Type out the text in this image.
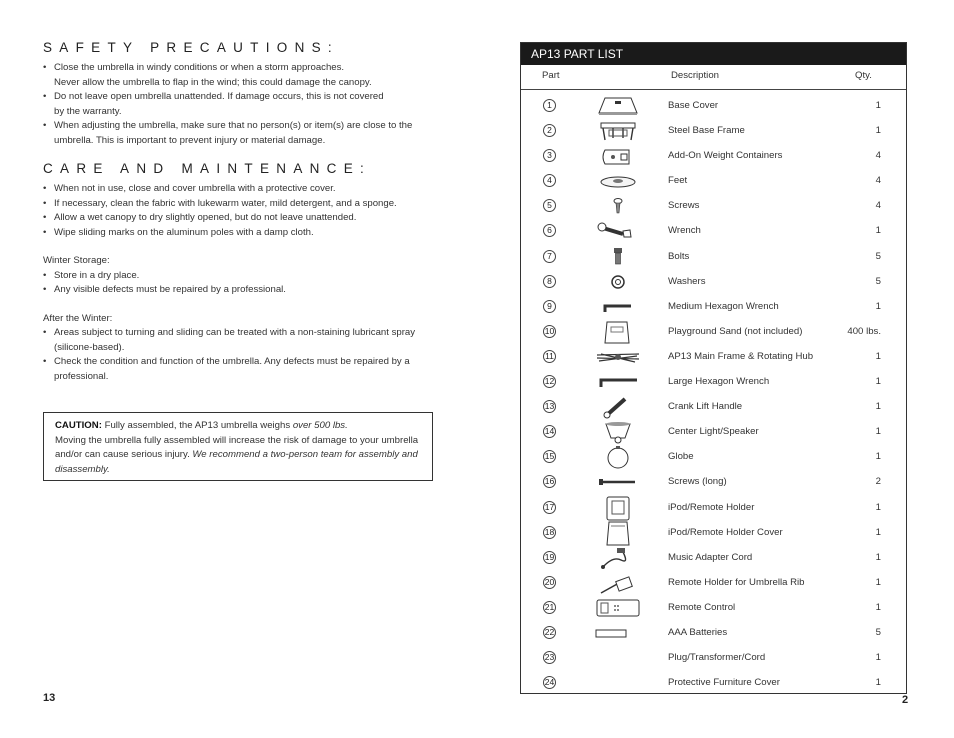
SAFETY PRECAUTIONS:
• Close the umbrella in windy conditions or when a storm approaches.
Never allow the umbrella to flap in the wind; this could damage the canopy.
• Do not leave open umbrella unattended. If damage occurs, this is not covered
by the warranty.
• When adjusting the umbrella, make sure that no person(s) or item(s) are close to the
umbrella. This is important to prevent injury or material damage.
CARE AND MAINTENANCE:
• When not in use, close and cover umbrella with a protective cover.
• If necessary, clean the fabric with lukewarm water, mild detergent, and a sponge.
• Allow a wet canopy to dry slightly opened, but do not leave unattended.
• Wipe sliding marks on the aluminum poles with a damp cloth.
Winter Storage:
• Store in a dry place.
• Any visible defects must be repaired by a professional.
After the Winter:
• Areas subject to turning and sliding can be treated with a non-staining lubricant spray
(silicone-based).
• Check the condition and function of the umbrella. Any defects must be repaired by a
professional.
CAUTION: Fully assembled, the AP13 umbrella weighs over 500 lbs.
Moving the umbrella fully assembled will increase the risk of damage to your umbrella and/or can cause serious injury. We recommend a two-person team for assembly and disassembly.
13
AP13 PART LIST
Part	Description	Qty.
1	Base Cover	1
2	Steel Base Frame	1
3	Add-On Weight Containers	4
4	Feet	4
5	Screws	4
6	Wrench	1
7	Bolts	5
8	Washers	5
9	Medium Hexagon Wrench	1
10	Playground Sand (not included)	400 lbs.
11	AP13 Main Frame & Rotating Hub	1
12	Large Hexagon Wrench	1
13	Crank Lift Handle	1
14	Center Light/Speaker	1
15	Globe	1
16	Screws (long)	2
17	iPod/Remote Holder	1
18	iPod/Remote Holder Cover	1
19	Music Adapter Cord	1
20	Remote Holder for Umbrella Rib	1
21	Remote Control	1
22	AAA Batteries	5
23	Plug/Transformer/Cord	1
24	Protective Furniture Cover	1
2
